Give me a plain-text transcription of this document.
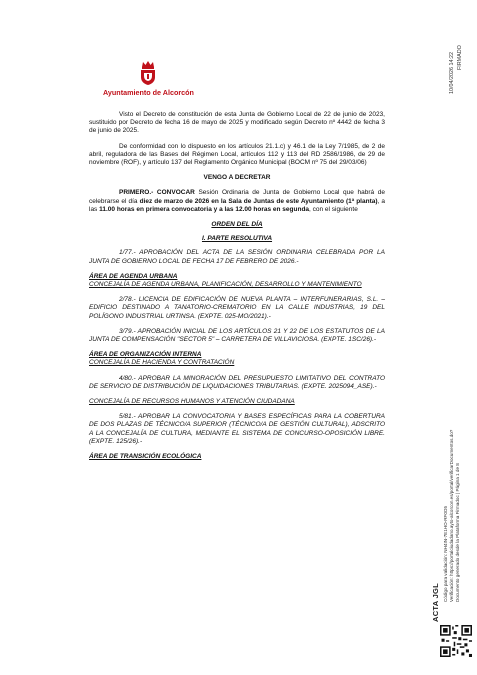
Ayuntamiento de Alcorcón	10/04/2026 14:22 FIRMADO
Código para validación: NH4IN-7E1HO-RF0O5 Verificación: https://portalciudadano.ayto-alcorcon.es/portal/verificarDocumentos.do? Documento generado desde la Plataforma Firmadoc | Página 1 de 8
ACTA JGL

Visto el Decreto de constitución de esta Junta de Gobierno Local de 22 de junio de 2023, sustituido por Decreto de fecha 16 de mayo de 2025 y modificado según Decreto nº 4442 de fecha 3 de junio de 2025.

De conformidad con lo dispuesto en los artículos 21.1.c) y 46.1 de la Ley 7/1985, de 2 de abril, reguladora de las Bases del Régimen Local, artículos 112 y 113 del RD 2586/1986, de 29 de noviembre (ROF), y artículo 137 del Reglamento Orgánico Municipal (BOCM nº 75 del 29/03/06)

VENGO A DECRETAR

PRIMERO.- CONVOCAR Sesión Ordinaria de Junta de Gobierno Local que habrá de celebrarse el día diez de marzo de 2026 en la Sala de Juntas de este Ayuntamiento (1ª planta), a las 11.00 horas en primera convocatoria y a las 12.00 horas en segunda, con el siguiente

ORDEN DEL DÍA

I. PARTE RESOLUTIVA

1/77.- APROBACIÓN DEL ACTA DE LA SESIÓN ORDINARIA CELEBRADA POR LA JUNTA DE GOBIERNO LOCAL DE FECHA 17 DE FEBRERO DE 2026.-

ÁREA DE AGENDA URBANA

CONCEJALÍA DE AGENDA URBANA, PLANIFICACIÓN, DESARROLLO Y MANTENIMIENTO

2/78.- LICENCIA DE EDIFICACIÓN DE NUEVA PLANTA – INTERFUNERARIAS, S.L. – EDIFICIO DESTINADO A TANATORIO-CREMATORIO EN LA CALLE INDUSTRIAS, 19 DEL POLÍGONO INDUSTRIAL URTINSA. (EXPTE. 025-MO/2021).-

3/79.- APROBACIÓN INICIAL DE LOS ARTÍCULOS 21 Y 22 DE LOS ESTATUTOS DE LA JUNTA DE COMPENSACIÓN "SECTOR 5" – CARRETERA DE VILLAVICIOSA. (EXPTE. 1SC/26).-

ÁREA DE ORGANIZACIÓN INTERNA

CONCEJALÍA DE HACIENDA Y CONTRATACIÓN

4/80.- APROBAR LA MINORACIÓN DEL PRESUPUESTO LIMITATIVO DEL CONTRATO DE SERVICIO DE DISTRIBUCIÓN DE LIQUIDACIONES TRIBUTARIAS. (EXPTE. 2025094_ASE).-

CONCEJALÍA DE RECURSOS HUMANOS Y ATENCIÓN CIUDADANA

5/81.- APROBAR LA CONVOCATORIA Y BASES ESPECÍFICAS PARA LA COBERTURA DE DOS PLAZAS DE TÉCNICO/A SUPERIOR (TÉCNICO/A DE GESTIÓN CULTURAL), ADSCRITO A LA CONCEJALÍA DE CULTURA, MEDIANTE EL SISTEMA DE CONCURSO-OPOSICIÓN LIBRE. (EXPTE. 125/26).-

ÁREA DE TRANSICIÓN ECOLÓGICA
